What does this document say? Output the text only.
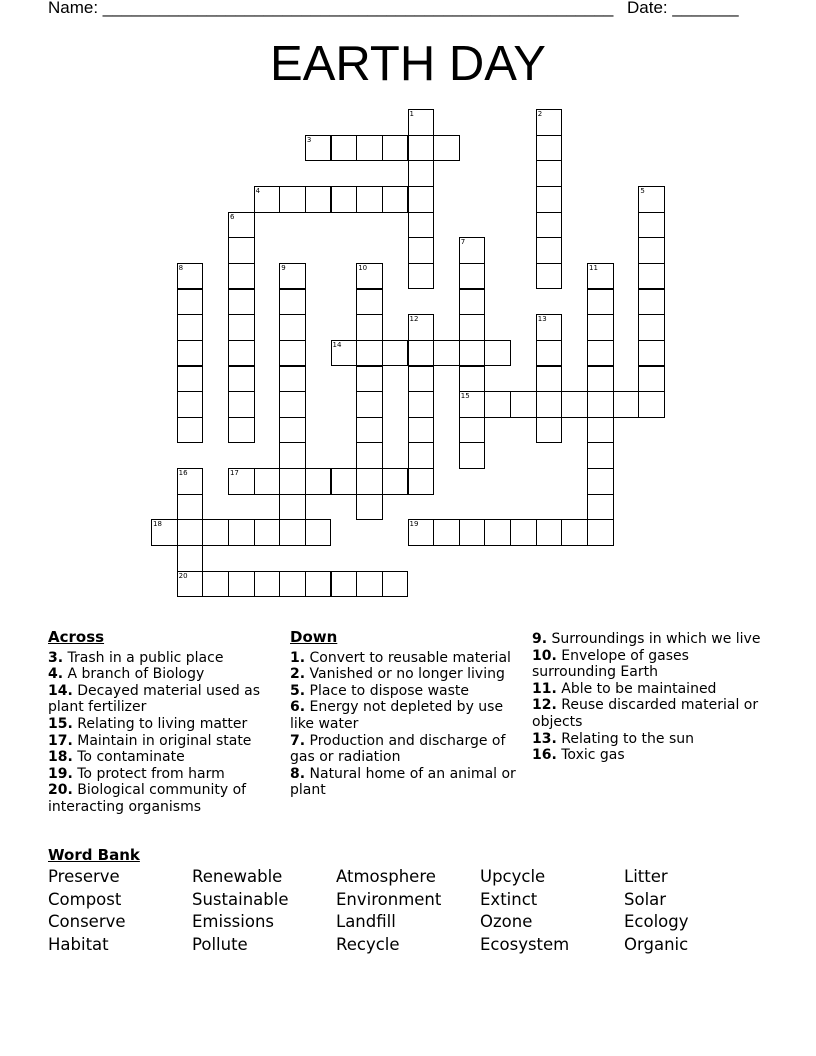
Name: ______________________________________________________ Date: _______
EARTH DAY
1	2
3
4	5
6
7
15
8	9	10	11
12	13
14
16
20
17
18	19
Across
3. Trash in a public place
4. A branch of Biology
14. Decayed material used as plant fertilizer
15. Relating to living matter
17. Maintain in original state
18. To contaminate
19. To protect from harm
20. Biological community of interacting organisms
Down
1. Convert to reusable material
2. Vanished or no longer living
5. Place to dispose waste
6. Energy not depleted by use like water
7. Production and discharge of gas or radiation
8. Natural home of an animal or plant
9. Surroundings in which we live
10. Envelope of gases surrounding Earth
11. Able to be maintained
12. Reuse discarded material or objects
13. Relating to the sun
16. Toxic gas
Word Bank
Preserve	Renewable	Atmosphere	Upcycle	Litter
Compost	Sustainable	Environment Extinct	Solar
Conserve	Emissions	Landfill	Ozone	Ecology
Habitat	Pollute	Recycle	Ecosystem	Organic
